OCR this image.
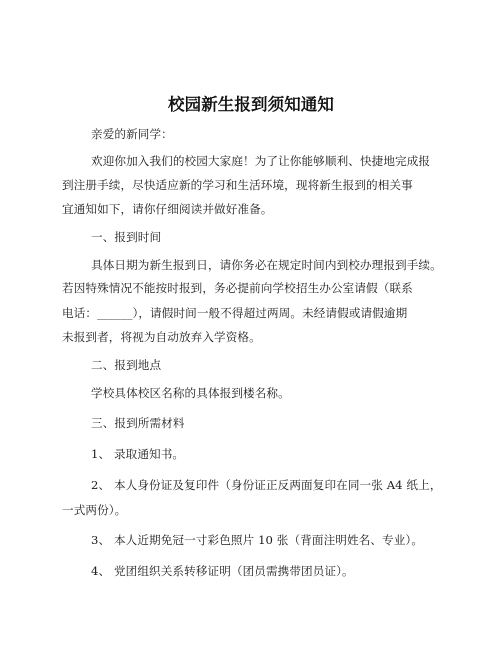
校园新生报到须知通知
亲爱的新同学：
欢迎你加入我们的校园大家庭！为了让你能够顺利、快捷地完成报
到注册手续，尽快适应新的学习和生活环境，现将新生报到的相关事
宜通知如下，请你仔细阅读并做好准备。
一、报到时间
具体日期为新生报到日，请你务必在规定时间内到校办理报到手续。
若因特殊情况不能按时报到，务必提前向学校招生办公室请假（联系
电话：______），请假时间一般不得超过两周。未经请假或请假逾期
未报到者，将视为自动放弃入学资格。
二、报到地点
学校具体校区名称的具体报到楼名称。
三、报到所需材料
1、 录取通知书。
2、 本人身份证及复印件（身份证正反两面复印在同一张 A4 纸上，
一式两份）。
3、 本人近期免冠一寸彩色照片 10 张（背面注明姓名、专业）。
4、 党团组织关系转移证明（团员需携带团员证）。
